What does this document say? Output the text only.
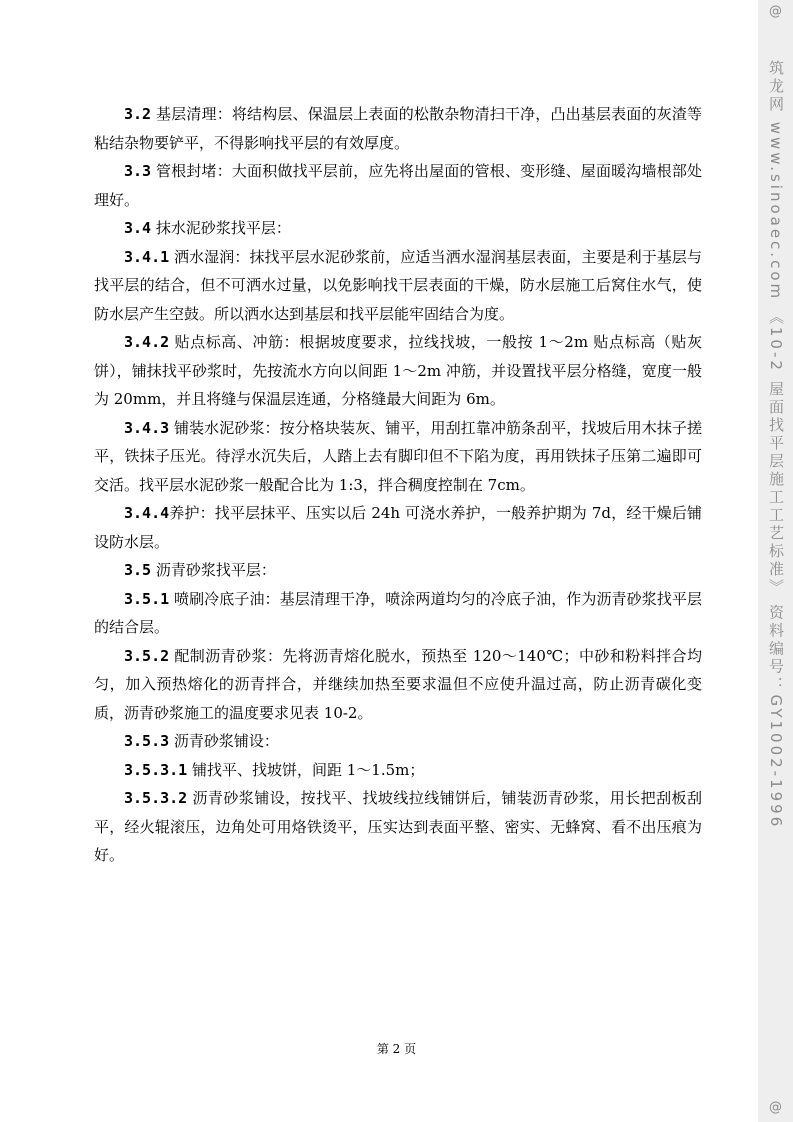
3.2 基层清理：将结构层、保温层上表面的松散杂物清扫干净，凸出基层表面的灰渣等粘结杂物要铲平，不得影响找平层的有效厚度。

3.3 管根封堵：大面积做找平层前，应先将出屋面的管根、变形缝、屋面暖沟墙根部处理好。

3.4 抹水泥砂浆找平层：

3.4.1 洒水湿润：抹找平层水泥砂浆前，应适当洒水湿润基层表面，主要是利于基层与找平层的结合，但不可洒水过量，以免影响找干层表面的干燥，防水层施工后窝住水气，使防水层产生空鼓。所以洒水达到基层和找平层能牢固结合为度。

3.4.2 贴点标高、冲筋：根据坡度要求，拉线找坡，一般按 1～2m 贴点标高（贴灰饼），铺抹找平砂浆时，先按流水方向以间距 1～2m 冲筋，并设置找平层分格缝，宽度一般为 20mm，并且将缝与保温层连通，分格缝最大间距为 6m。

3.4.3 铺装水泥砂浆：按分格块装灰、铺平，用刮扛靠冲筋条刮平，找坡后用木抹子搓平，铁抹子压光。待浮水沉失后，人踏上去有脚印但不下陷为度，再用铁抹子压第二遍即可交活。找平层水泥砂浆一般配合比为 1:3，拌合稠度控制在 7cm。

3.4.4养护：找平层抹平、压实以后 24h 可浇水养护，一般养护期为 7d，经干燥后铺设防水层。

3.5 沥青砂浆找平层：

3.5.1 喷刷冷底子油：基层清理干净，喷涂两道均匀的冷底子油，作为沥青砂浆找平层的结合层。

3.5.2 配制沥青砂浆：先将沥青熔化脱水，预热至 120～140℃；中砂和粉料拌合均匀，加入预热熔化的沥青拌合，并继续加热至要求温但不应使升温过高，防止沥青碳化变质，沥青砂浆施工的温度要求见表 10-2。

3.5.3 沥青砂浆铺设：

3.5.3.1 铺找平、找坡饼，间距 1～1.5m；

3.5.3.2 沥青砂浆铺设，按找平、找坡线拉线铺饼后，铺装沥青砂浆，用长把刮板刮平，经火辊滚压，边角处可用烙铁烫平，压实达到表面平整、密实、无蜂窝、看不出压痕为好。

第 2 页
@
筑龙网 www.sinoaec.com 《10-2 屋面找平层施工工艺标准》 资料编号：GY1002-1996
@
